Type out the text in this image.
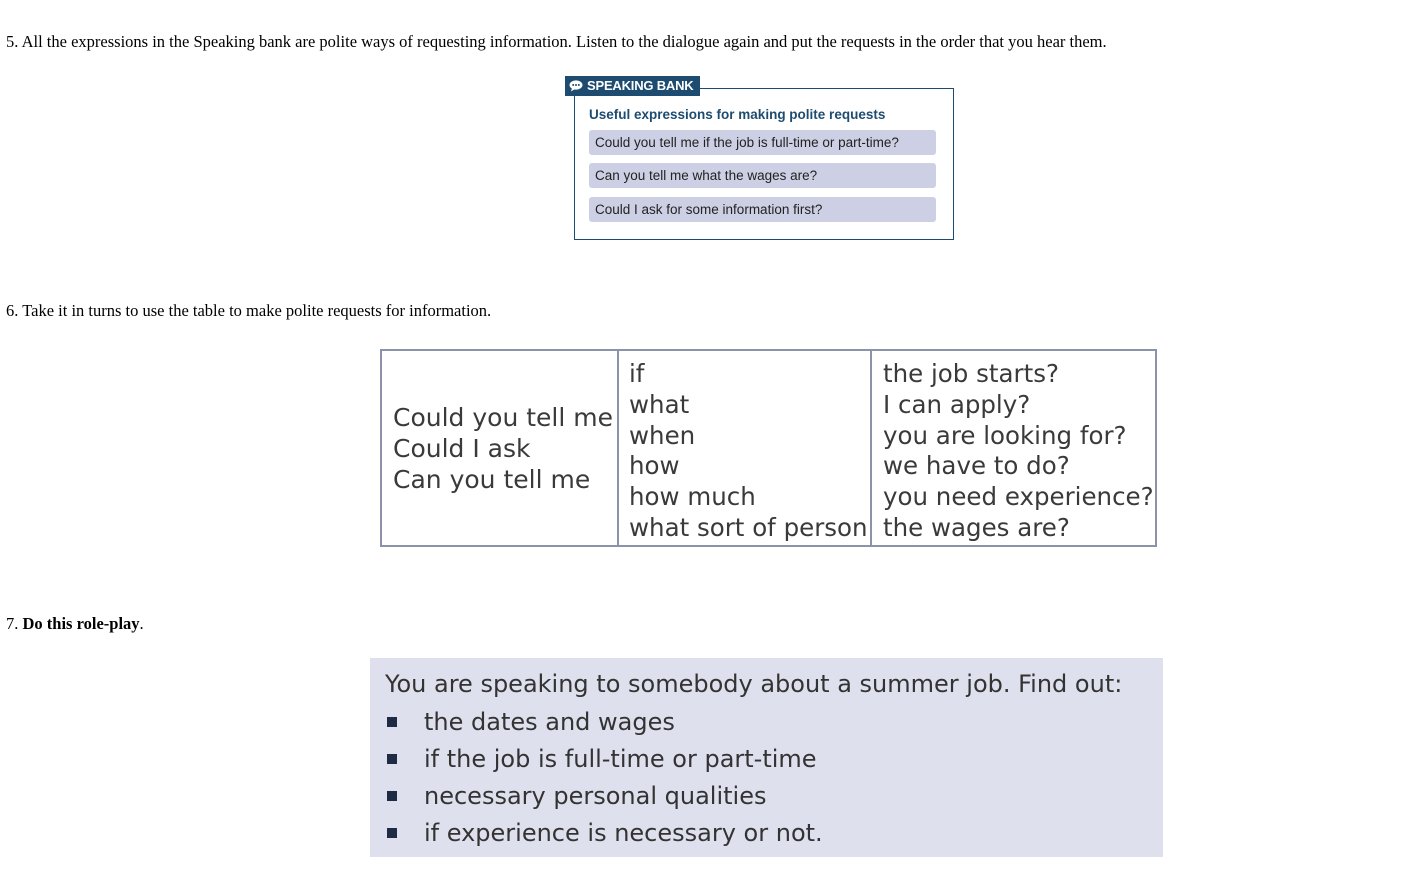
5. All the expressions in the Speaking bank are polite ways of requesting information. Listen to the dialogue again and put the requests in the order that you hear them.
SPEAKING BANK
Useful expressions for making polite requests
Could you tell me if the job is full-time or part-time?
Can you tell me what the wages are?
Could I ask for some information first?
6. Take it in turns to use the table to make polite requests for information.
Could you tell me
Could I ask
Can you tell me
if
what
when
how
how much
what sort of person
the job starts?
I can apply?
you are looking for?
we have to do?
you need experience?
the wages are?
7. Do this role-play.
You are speaking to somebody about a summer job. Find out:
the dates and wages
if the job is full-time or part-time
necessary personal qualities
if experience is necessary or not.
